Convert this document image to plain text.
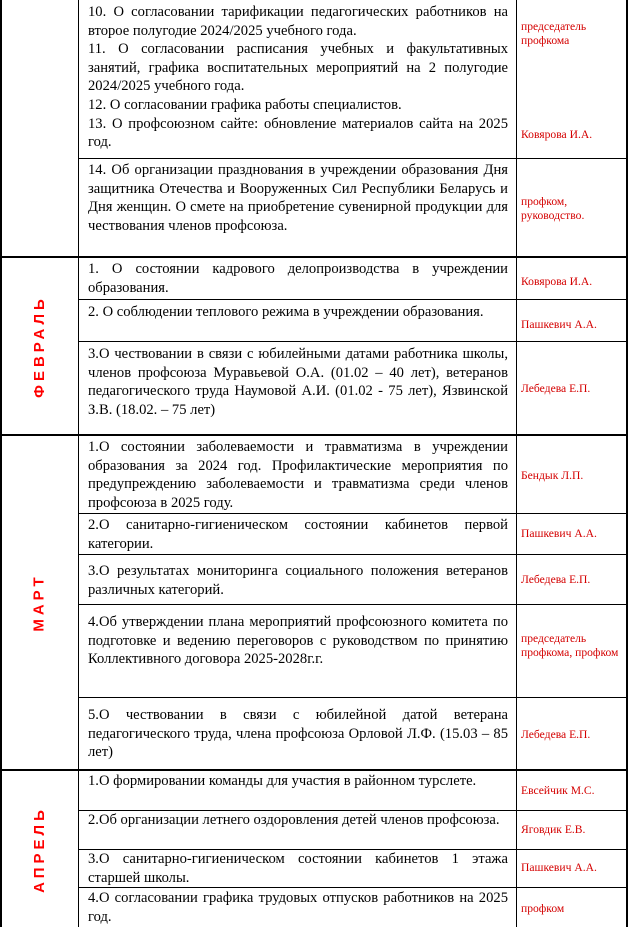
ФЕВРАЛЬ
МАРТ
АПРЕЛЬ

10. О согласовании тарификации педагогических работников на второе полугодие 2024/2025 учебного года.

11. О согласовании расписания учебных и факультативных занятий, графика воспитательных мероприятий на 2 полугодие 2024/2025 учебного года.

12. О согласовании графика работы специалистов.

13. О профсоюзном сайте: обновление материалов сайта на 2025 год.

председатель профкома
Ковярова И.А.

14. Об организации празднования в учреждении образования Дня защитника Отечества и Вооруженных Сил Республики Беларусь и Дня женщин. О смете на приобретение сувенирной продукции для чествования членов профсоюза.

профком, руководство.

1. О состоянии кадрового делопроизводства в учреждении образования.	Ковярова И.А.

2. О соблюдении теплового режима в учреждении образования.

Пашкевич А.А.

3.О чествовании в связи с юбилейными датами работника школы, членов профсоюза Муравьевой О.А. (01.02 – 40 лет), ветеранов педагогического труда Наумовой А.И. (01.02 - 75 лет), Язвинской З.В. (18.02. – 75 лет)

Лебедева Е.П.

1.О состоянии заболеваемости и травматизма в учреждении образования за 2024 год. Профилактические мероприятия по предупреждению заболеваемости и травматизма среди членов профсоюза в 2025 году.

Бендык Л.П.

2.О санитарно-гигиеническом состоянии кабинетов первой категории.

Пашкевич А.А.

3.О результатах мониторинга социального положения ветеранов различных категорий.

Лебедева Е.П.

4.Об утверждении плана мероприятий профсоюзного комитета по подготовке и ведению переговоров с руководством по принятию Коллективного договора 2025-2028г.г.

председатель профкома, профком

5.О чествовании в связи с юбилейной датой ветерана педагогического труда, члена профсоюза Орловой Л.Ф. (15.03 – 85 лет)

Лебедева Е.П.

1.О формировании команды для участия в районном турслете.

Евсейчик М.С.

2.Об организации летнего оздоровления детей членов профсоюза.

Яговдик Е.В.

3.О санитарно-гигиеническом состоянии кабинетов 1 этажа старшей школы.

Пашкевич А.А.

4.О согласовании графика трудовых отпусков работников на 2025 год.

профком
